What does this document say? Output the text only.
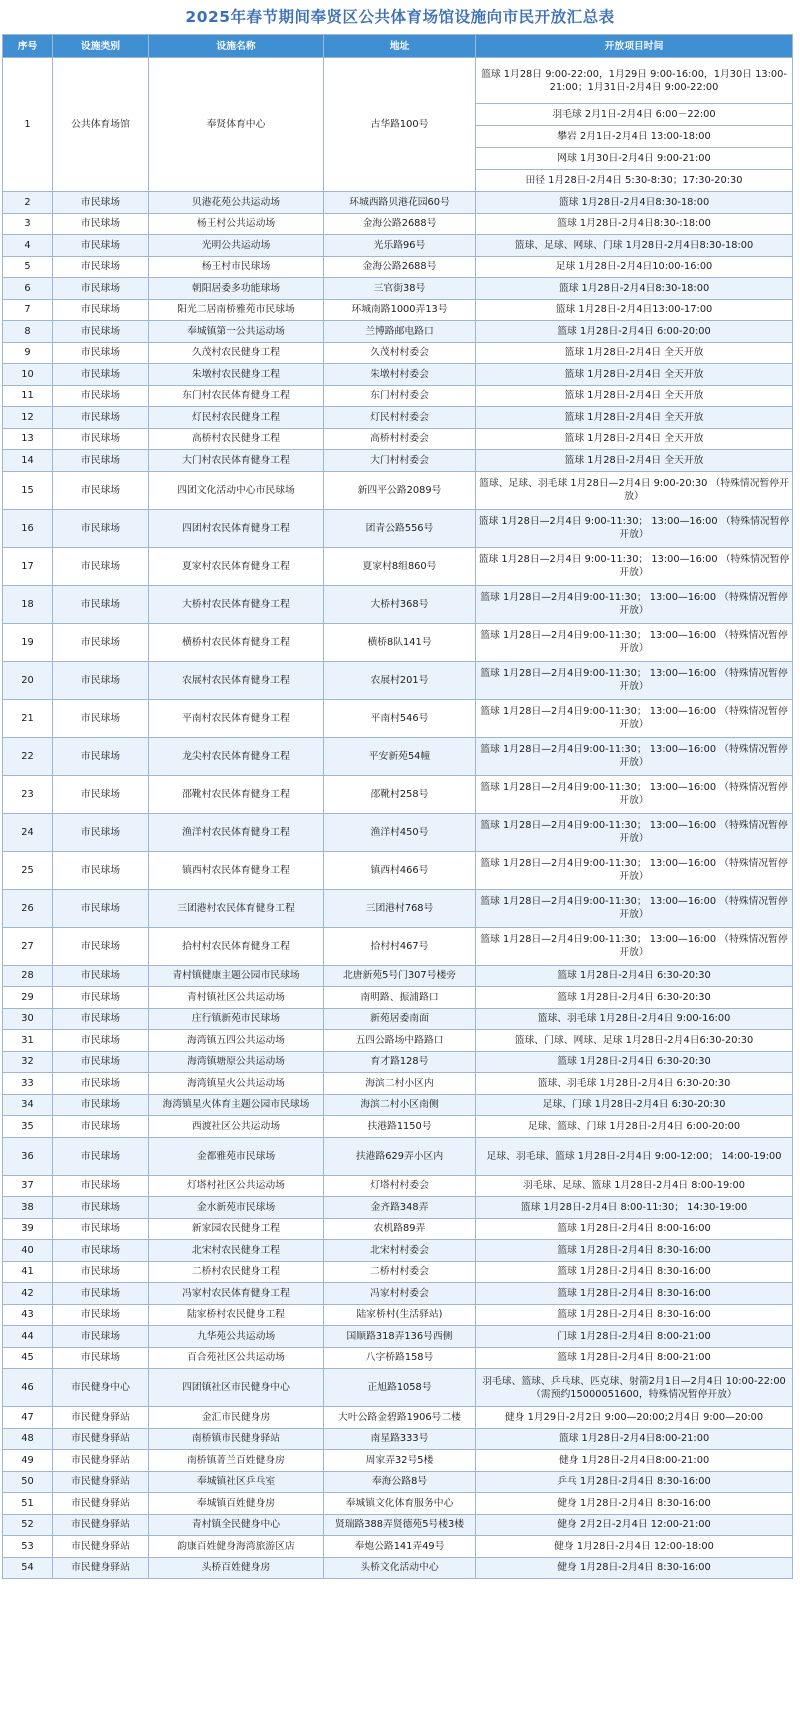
2025年春节期间奉贤区公共体育场馆设施向市民开放汇总表
序号	设施类别	设施名称	地址	开放项目时间
1	公共体育场馆	奉贤体育中心	古华路100号	篮球 1月28日 9:00-22:00，1月29日 9:00-16:00，1月30日 13:00-21:00；1月31日-2月4日 9:00-22:00
				羽毛球 2月1日-2月4日 6:00－22:00
				攀岩 2月1日-2月4日 13:00-18:00
				网球 1月30日-2月4日 9:00-21:00
				田径 1月28日-2月4日 5:30-8:30；17:30-20:30
2	市民球场	贝港花苑公共运动场	环城西路贝港花园60号	篮球 1月28日-2月4日8:30-18:00
3	市民球场	杨王村公共运动场	金海公路2688号	篮球 1月28日-2月4日8:30-:18:00
4	市民球场	光明公共运动场	光乐路96号	篮球、足球、网球、门球 1月28日-2月4日8:30-18:00
5	市民球场	杨王村市民球场	金海公路2688号	足球 1月28日-2月4日10:00-16:00
6	市民球场	朝阳居委多功能球场	三官街38号	篮球 1月28日-2月4日8:30-18:00
7	市民球场	阳光二居南桥雅苑市民球场	环城南路1000弄13号	篮球 1月28日-2月4日13:00-17:00
8	市民球场	奉城镇第一公共运动场	兰博路邮电路口	篮球 1月28日-2月4日 6:00-20:00
9	市民球场	久茂村农民健身工程	久茂村村委会	篮球 1月28日-2月4日 全天开放
10	市民球场	朱墩村农民健身工程	朱墩村村委会	篮球 1月28日-2月4日 全天开放
11	市民球场	东门村农民体育健身工程	东门村村委会	篮球 1月28日-2月4日 全天开放
12	市民球场	灯民村农民健身工程	灯民村村委会	篮球 1月28日-2月4日 全天开放
13	市民球场	高桥村农民健身工程	高桥村村委会	篮球 1月28日-2月4日 全天开放
14	市民球场	大门村农民体育健身工程	大门村村委会	篮球 1月28日-2月4日 全天开放
15	市民球场	四团文化活动中心市民球场	新四平公路2089号	篮球、足球、羽毛球 1月28日—2月4日 9:00-20:30 （特殊情况暂停开放）
16	市民球场	四团村农民体育健身工程	团青公路556号	篮球 1月28日—2月4日 9:00-11:30； 13:00—16:00 （特殊情况暂停开放）
17	市民球场	夏家村农民体育健身工程	夏家村8组860号	篮球 1月28日—2月4日 9:00-11:30； 13:00—16:00 （特殊情况暂停开放）
18	市民球场	大桥村农民体育健身工程	大桥村368号	篮球 1月28日—2月4日9:00-11:30； 13:00—16:00 （特殊情况暂停开放）
19	市民球场	横桥村农民体育健身工程	横桥8队141号	篮球 1月28日—2月4日9:00-11:30； 13:00—16:00 （特殊情况暂停开放）
20	市民球场	农展村农民体育健身工程	农展村201号	篮球 1月28日—2月4日9:00-11:30； 13:00—16:00 （特殊情况暂停开放）
21	市民球场	平南村农民体育健身工程	平南村546号	篮球 1月28日—2月4日9:00-11:30； 13:00—16:00 （特殊情况暂停开放）
22	市民球场	龙尖村农民体育健身工程	平安新苑54幢	篮球 1月28日—2月4日9:00-11:30； 13:00—16:00 （特殊情况暂停开放）
23	市民球场	邵靴村农民体育健身工程	邵靴村258号	篮球 1月28日—2月4日9:00-11:30； 13:00—16:00 （特殊情况暂停开放）
24	市民球场	渔洋村农民体育健身工程	渔洋村450号	篮球 1月28日—2月4日9:00-11:30； 13:00—16:00 （特殊情况暂停开放）
25	市民球场	镇西村农民体育健身工程	镇西村466号	篮球 1月28日—2月4日9:00-11:30； 13:00—16:00 （特殊情况暂停开放）
26	市民球场	三团港村农民体育健身工程	三团港村768号	篮球 1月28日—2月4日9:00-11:30； 13:00—16:00 （特殊情况暂停开放）
27	市民球场	拾村村农民体育健身工程	拾村村467号	篮球 1月28日—2月4日9:00-11:30； 13:00—16:00 （特殊情况暂停开放）
28	市民球场	青村镇健康主题公园市民球场	北唐新苑5号门307号楼旁	篮球 1月28日-2月4日 6:30-20:30
29	市民球场	青村镇社区公共运动场	南明路、振浦路口	篮球 1月28日-2月4日 6:30-20:30
30	市民球场	庄行镇新苑市民球场	新苑居委南面	篮球、羽毛球 1月28日-2月4日 9:00-16:00
31	市民球场	海湾镇五四公共运动场	五四公路场中路路口	篮球、门球、网球、足球 1月28日-2月4日6:30-20:30
32	市民球场	海湾镇塘原公共运动场	育才路128号	篮球 1月28日-2月4日 6:30-20:30
33	市民球场	海湾镇星火公共运动场	海滨二村小区内	篮球、羽毛球 1月28日-2月4日 6:30-20:30
34	市民球场	海湾镇星火体育主题公园市民球场	海滨二村小区南侧	足球、门球 1月28日-2月4日 6:30-20:30
35	市民球场	西渡社区公共运动场	扶港路1150号	足球、篮球、门球 1月28日-2月4日 6:00-20:00
36	市民球场	金都雅苑市民球场	扶港路629弄小区内	足球、羽毛球、篮球 1月28日-2月4日 9:00-12:00； 14:00-19:00
37	市民球场	灯塔村社区公共运动场	灯塔村村委会	羽毛球、足球、篮球 1月28日-2月4日 8:00-19:00
38	市民球场	金水新苑市民球场	金齐路348弄	篮球 1月28日-2月4日 8:00-11:30； 14:30-19:00
39	市民球场	新家园农民健身工程	农机路89弄	篮球 1月28日-2月4日 8:00-16:00
40	市民球场	北宋村农民健身工程	北宋村村委会	篮球 1月28日-2月4日 8:30-16:00
41	市民球场	二桥村农民健身工程	二桥村村委会	篮球 1月28日-2月4日 8:30-16:00
42	市民球场	冯家村农民体育健身工程	冯家村村委会	篮球 1月28日-2月4日 8:30-16:00
43	市民球场	陆家桥村农民健身工程	陆家桥村(生活驿站)	篮球 1月28日-2月4日 8:30-16:00
44	市民球场	九华苑公共运动场	国顺路318弄136号西侧	门球 1月28日-2月4日 8:00-21:00
45	市民球场	百合苑社区公共运动场	八字桥路158号	篮球 1月28日-2月4日 8:00-21:00
46	市民健身中心	四团镇社区市民健身中心	正旭路1058号	羽毛球、篮球、乒乓球、匹克球、射箭2月1日—2月4日 10:00-22:00 （需预约15000051600，特殊情况暂停开放）
47	市民健身驿站	金汇市民健身房	大叶公路金碧路1906号二楼	健身 1月29日-2月2日 9:00—20:00;2月4日 9:00—20:00
48	市民健身驿站	南桥镇市民健身驿站	南星路333号	篮球 1月28日-2月4日8:00-21:00
49	市民健身驿站	南桥镇菁兰百姓健身房	周家弄32号5楼	健身 1月28日-2月4日8:00-21:00
50	市民健身驿站	奉城镇社区乒乓室	奉海公路8号	乒乓 1月28日-2月4日 8:30-16:00
51	市民健身驿站	奉城镇百姓健身房	奉城镇文化体育服务中心	健身 1月28日-2月4日 8:30-16:00
52	市民健身驿站	青村镇全民健身中心	贤瑞路388弄贤德苑5号楼3楼	健身 2月2日-2月4日 12:00-21:00
53	市民健身驿站	韵康百姓健身海湾旅游区店	奉炮公路141弄49号	健身 1月28日-2月4日 12:00-18:00
54	市民健身驿站	头桥百姓健身房	头桥文化活动中心	健身 1月28日-2月4日 8:30-16:00
